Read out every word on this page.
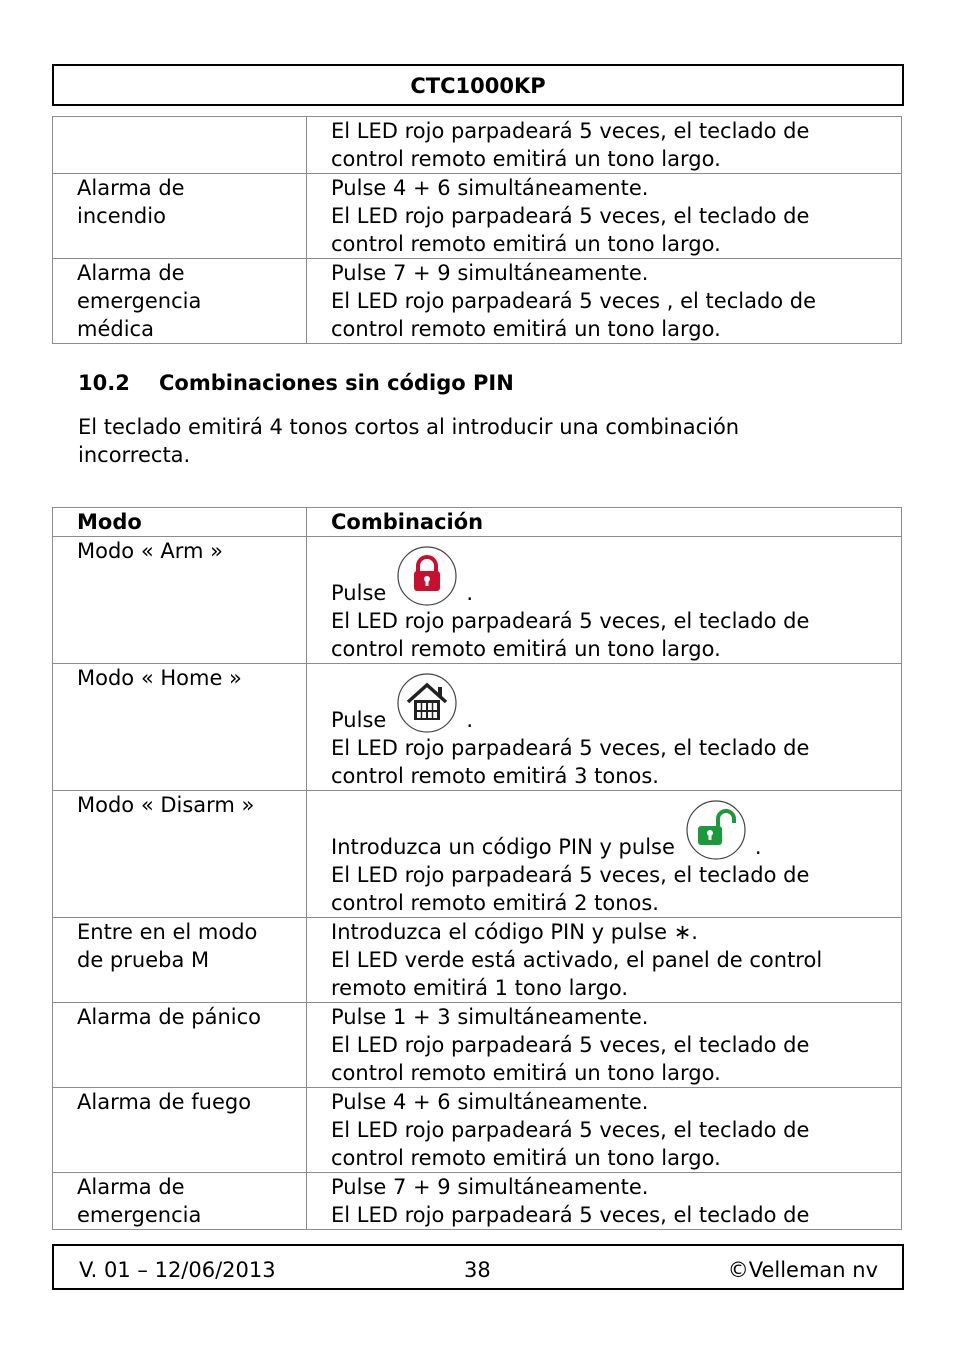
CTC1000KP

	El LED rojo parpadeará 5 veces, el teclado de
control remoto emitirá un tono largo.

Alarma de
incendio	Pulse 4 + 6 simultáneamente.
El LED rojo parpadeará 5 veces, el teclado de
control remoto emitirá un tono largo.

Alarma de
emergencia
médica	Pulse 7 + 9 simultáneamente.
El LED rojo parpadeará 5 veces , el teclado de
control remoto emitirá un tono largo.
10.2 Combinaciones sin código PIN
El teclado emitirá 4 tonos cortos al introducir una combinación
incorrecta.
Modo	Combinación

Modo « Arm »	Pulse .
El LED rojo parpadeará 5 veces, el teclado de
control remoto emitirá un tono largo.

Modo « Home »	Pulse .
El LED rojo parpadeará 5 veces, el teclado de
control remoto emitirá 3 tonos.

Modo « Disarm »	Introduzca un código PIN y pulse .
El LED rojo parpadeará 5 veces, el teclado de
control remoto emitirá 2 tonos.

Entre en el modo
de prueba M	Introduzca el código PIN y pulse ∗.
El LED verde está activado, el panel de control
remoto emitirá 1 tono largo.

Alarma de pánico	Pulse 1 + 3 simultáneamente.
El LED rojo parpadeará 5 veces, el teclado de
control remoto emitirá un tono largo.

Alarma de fuego	Pulse 4 + 6 simultáneamente.
El LED rojo parpadeará 5 veces, el teclado de
control remoto emitirá un tono largo.

Alarma de
emergencia	Pulse 7 + 9 simultáneamente.
El LED rojo parpadeará 5 veces, el teclado de
V. 01 – 12/06/2013	38	©Velleman nv
